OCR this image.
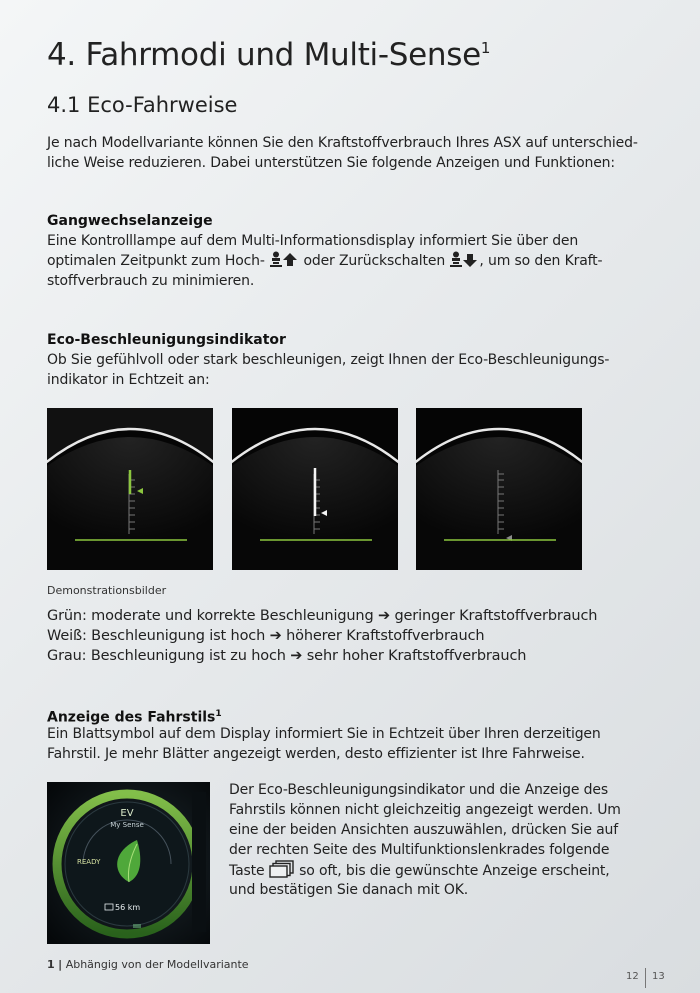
4. Fahrmodi und Multi-Sense$^1$
4.1 Eco-Fahrweise

Je nach Modellvariante können Sie den Kraftstoffverbrauch Ihres ASX auf unterschied-

liche Weise reduzieren. Dabei unterstützen Sie folgende Anzeigen und Funktionen:

Gangwechselanzeige

Eine Kontrolllampe auf dem Multi-Informationsdisplay informiert Sie über den

optimalen Zeitpunkt zum Hoch-	oder Zurückschalten , um so den Kraft-

stoffverbrauch zu minimieren.

Eco-Beschleunigungsindikator

Ob Sie gefühlvoll oder stark beschleunigen, zeigt Ihnen der Eco-Beschleunigungs-

indikator in Echtzeit an:

Demonstrationsbilder

Grün: moderate und korrekte Beschleunigung ➔ geringer Kraftstoffverbrauch

Weiß: Beschleunigung ist hoch ➔ höherer Kraftstoffverbrauch

Grau: Beschleunigung ist zu hoch ➔ sehr hoher Kraftstoffverbrauch

Anzeige des Fahrstils$^1$

Ein Blattsymbol auf dem Display informiert Sie in Echtzeit über Ihren derzeitigen

Fahrstil. Je mehr Blätter angezeigt werden, desto effizienter ist Ihre Fahrweise.

EV
My Sense
READY
56 km

Der Eco-Beschleunigungsindikator und die Anzeige des

Fahrstils können nicht gleichzeitig angezeigt werden. Um

eine der beiden Ansichten auszuwählen, drücken Sie auf

der rechten Seite des Multifunktionslenkrades folgende

Taste so oft, bis die gewünschte Anzeige erscheint,

und bestätigen Sie danach mit OK.

1 | Abhängig von der Modellvariante
12 13
